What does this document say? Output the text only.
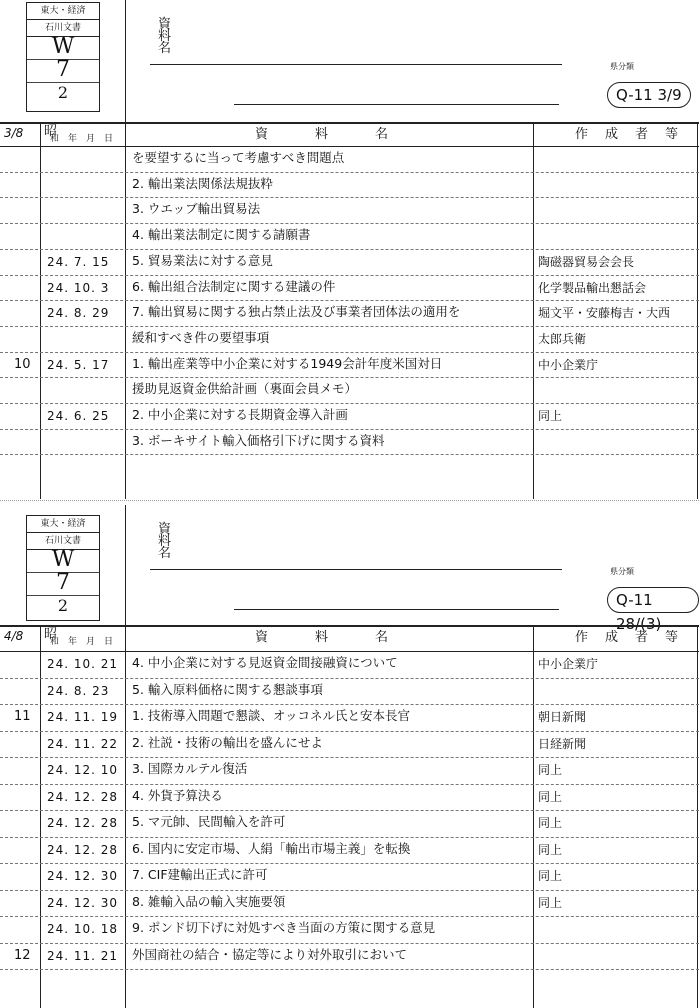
東大・経済
石川文書
W
7
2
資
料
名
県分類
Q-11 3/9
3/8 昭
和　年　月　日	資　　　料　　　名	作　成　者　等
を要望するに当って考慮すべき問題点
2. 輸出業法関係法規抜粋
3. ウエッブ輸出貿易法
4. 輸出業法制定に関する請願書
24. 7. 15 5. 貿易業法に対する意見	陶磁器貿易会会長
24. 10. 3 6. 輸出組合法制定に関する建議の件	化学製品輸出懇話会
24. 8. 29 7. 輸出貿易に関する独占禁止法及び事業者団体法の適用を	堀文平・安藤梅吉・大西
緩和すべき件の要望事項	太郎兵衛
10 24. 5. 17 1. 輸出産業等中小企業に対する1949会計年度米国対日	中小企業庁
援助見返資金供給計画（裏面会員メモ）
24. 6. 25 2. 中小企業に対する長期資金導入計画	同上
3. ボーキサイト輸入価格引下げに関する資料
東大・経済
石川文書
W
7
2
資
料
名
県分類
Q-11 28/(3)
4/8 昭
和　年　月　日	資　　　料　　　名	作　成　者　等
24. 10. 21 4. 中小企業に対する見返資金間接融資について	中小企業庁
24. 8. 23 5. 輸入原料価格に関する懇談事項
11 24. 11. 19 1. 技術導入問題で懇談、オッコネル氏と安本長官	朝日新聞
24. 11. 22 2. 社説・技術の輸出を盛んにせよ	日経新聞
24. 12. 10 3. 国際カルテル復活	同上
24. 12. 28 4. 外貨予算決る	同上
24. 12. 28 5. マ元帥、民間輸入を許可	同上
24. 12. 28 6. 国内に安定市場、人絹「輸出市場主義」を転換	同上
24. 12. 30 7. CIF建輸出正式に許可	同上
24. 12. 30 8. 雑輸入品の輸入実施要領	同上
24. 10. 18 9. ポンド切下げに対処すべき当面の方策に関する意見
12 24. 11. 21 外国商社の結合・協定等により対外取引において
